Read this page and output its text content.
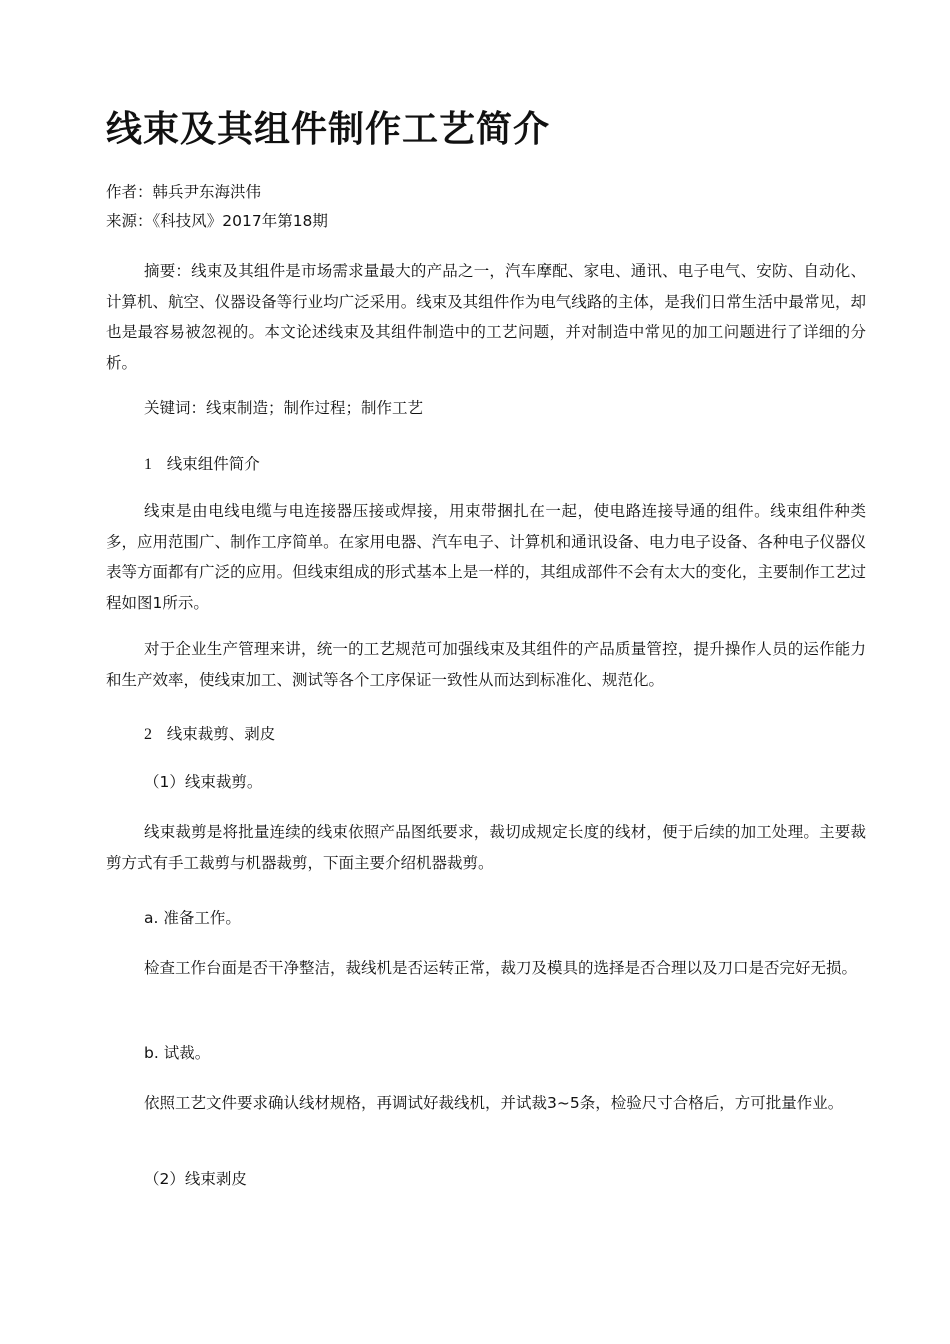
线束及其组件制作工艺简介
作者：韩兵尹东海洪伟
来源：《科技风》2017年第18期

摘要：线束及其组件是市场需求量最大的产品之一，汽车摩配、家电、通讯、电子电气、安防、自动化、计算机、航空、仪器设备等行业均广泛采用。线束及其组件作为电气线路的主体，是我们日常生活中最常见，却也是最容易被忽视的。本文论述线束及其组件制造中的工艺问题，并对制造中常见的加工问题进行了详细的分析。

关键词：线束制造；制作过程；制作工艺

1 线束组件简介

线束是由电线电缆与电连接器压接或焊接，用束带捆扎在一起，使电路连接导通的组件。线束组件种类多，应用范围广、制作工序简单。在家用电器、汽车电子、计算机和通讯设备、电力电子设备、各种电子仪器仪表等方面都有广泛的应用。但线束组成的形式基本上是一样的，其组成部件不会有太大的变化，主要制作工艺过程如图1所示。

对于企业生产管理来讲，统一的工艺规范可加强线束及其组件的产品质量管控，提升操作人员的运作能力和生产效率，使线束加工、测试等各个工序保证一致性从而达到标准化、规范化。

2 线束裁剪、剥皮

（1）线束裁剪。

线束裁剪是将批量连续的线束依照产品图纸要求，裁切成规定长度的线材，便于后续的加工处理。主要裁剪方式有手工裁剪与机器裁剪，下面主要介绍机器裁剪。

a. 准备工作。

检查工作台面是否干净整洁，裁线机是否运转正常，裁刀及模具的选择是否合理以及刀口是否完好无损。

b. 试裁。

依照工艺文件要求确认线材规格，再调试好裁线机，并试裁3~5条，检验尺寸合格后，方可批量作业。

（2）线束剥皮
